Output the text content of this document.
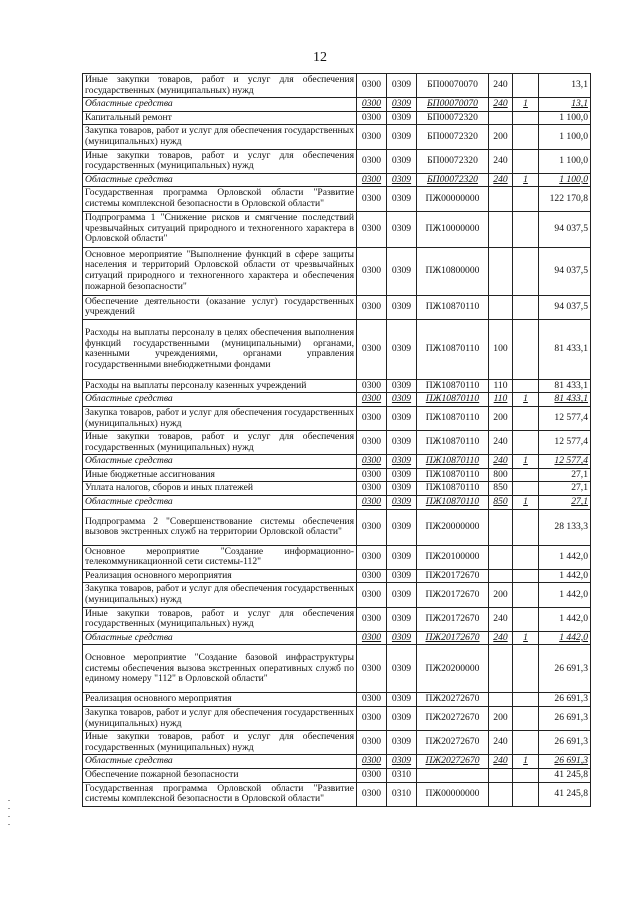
12
Иные закупки товаров, работ и услуг для обеспечения государственных (муниципальных) нужд	0300	0309	БП00070070	240		13,1
Областные средства	0300	0309	БП00070070	240	1	13,1
Капитальный ремонт	0300	0309	БП00072320			1 100,0
Закупка товаров, работ и услуг для обеспечения государственных (муниципальных) нужд	0300	0309	БП00072320	200		1 100,0
Иные закупки товаров, работ и услуг для обеспечения государственных (муниципальных) нужд	0300	0309	БП00072320	240		1 100,0
Областные средства	0300	0309	БП00072320	240	1	1 100,0
Государственная программа Орловской области "Развитие системы комплексной безопасности в Орловской области"	0300	0309	ПЖ00000000			122 170,8
Подпрограмма 1 "Снижение рисков и смягчение последствий чрезвычайных ситуаций природного и техногенного характера в Орловской области"	0300	0309	ПЖ10000000			94 037,5
Основное мероприятие "Выполнение функций в сфере защиты населения и территорий Орловской области от чрезвычайных ситуаций природного и техногенного характера и обеспечения пожарной безопасности"	0300	0309	ПЖ10800000			94 037,5
Обеспечение деятельности (оказание услуг) государственных учреждений	0300	0309	ПЖ10870110			94 037,5
Расходы на выплаты персоналу в целях обеспечения выполнения функций государственными (муниципальными) органами, казенными учреждениями, органами управления государственными внебюджетными фондами	0300	0309	ПЖ10870110	100		81 433,1
Расходы на выплаты персоналу казенных учреждений	0300	0309	ПЖ10870110	110		81 433,1
Областные средства	0300	0309	ПЖ10870110	110	1	81 433,1
Закупка товаров, работ и услуг для обеспечения государственных (муниципальных) нужд	0300	0309	ПЖ10870110	200		12 577,4
Иные закупки товаров, работ и услуг для обеспечения государственных (муниципальных) нужд	0300	0309	ПЖ10870110	240		12 577,4
Областные средства	0300	0309	ПЖ10870110	240	1	12 577,4
Иные бюджетные ассигнования	0300	0309	ПЖ10870110	800		27,1
Уплата налогов, сборов и иных платежей	0300	0309	ПЖ10870110	850		27,1
Областные средства	0300	0309	ПЖ10870110	850	1	27,1
Подпрограмма 2 "Совершенствование системы обеспечения вызовов экстренных служб на территории Орловской области"	0300	0309	ПЖ20000000			28 133,3
Основное мероприятие "Создание информационно-телекоммуникационной сети системы-112"	0300	0309	ПЖ20100000			1 442,0
Реализация основного мероприятия	0300	0309	ПЖ20172670			1 442,0
Закупка товаров, работ и услуг для обеспечения государственных (муниципальных) нужд	0300	0309	ПЖ20172670	200		1 442,0
Иные закупки товаров, работ и услуг для обеспечения государственных (муниципальных) нужд	0300	0309	ПЖ20172670	240		1 442,0
Областные средства	0300	0309	ПЖ20172670	240	1	1 442,0
Основное мероприятие "Создание базовой инфраструктуры системы обеспечения вызова экстренных оперативных служб по единому номеру "112" в Орловской области"	0300	0309	ПЖ20200000			26 691,3
Реализация основного мероприятия	0300	0309	ПЖ20272670			26 691,3
Закупка товаров, работ и услуг для обеспечения государственных (муниципальных) нужд	0300	0309	ПЖ20272670	200		26 691,3
Иные закупки товаров, работ и услуг для обеспечения государственных (муниципальных) нужд	0300	0309	ПЖ20272670	240		26 691,3
Областные средства	0300	0309	ПЖ20272670	240	1	26 691,3
Обеспечение пожарной безопасности	0300	0310				41 245,8
Государственная программа Орловской области "Развитие системы комплексной безопасности в Орловской области"	0300	0310	ПЖ00000000			41 245,8
